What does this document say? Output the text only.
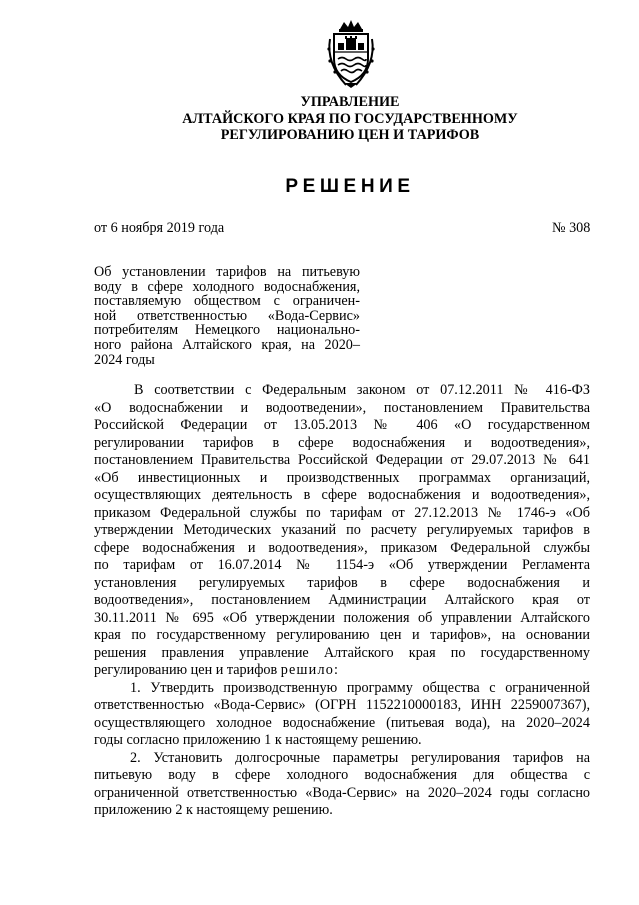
УПРАВЛЕНИЕ
АЛТАЙСКОГО КРАЯ ПО ГОСУДАРСТВЕННОМУ
РЕГУЛИРОВАНИЮ ЦЕН И ТАРИФОВ
РЕШЕНИЕ
от 6 ноября 2019 года	№ 308
Об установлении тарифов на питьевую
воду в сфере холодного водоснабжения,
поставляемую обществом с ограничен-
ной ответственностью «Вода-Сервис»
потребителям Немецкого национально-
ного района Алтайского края, на 2020–
2024 годы
В соответствии с Федеральным законом от 07.12.2011 № 416-ФЗ
«О водоснабжении и водоотведении», постановлением Правительства
Российской Федерации от 13.05.2013 № 406 «О государственном
регулировании тарифов в сфере водоснабжения и водоотведения»,
постановлением Правительства Российской Федерации от 29.07.2013 № 641
«Об инвестиционных и производственных программах организаций,
осуществляющих деятельность в сфере водоснабжения и водоотведения»,
приказом Федеральной службы по тарифам от 27.12.2013 № 1746-э «Об
утверждении Методических указаний по расчету регулируемых тарифов в
сфере водоснабжения и водоотведения», приказом Федеральной службы
по тарифам от 16.07.2014 № 1154-э «Об утверждении Регламента
установления регулируемых тарифов в сфере водоснабжения и
водоотведения», постановлением Администрации Алтайского края от
30.11.2011 № 695 «Об утверждении положения об управлении Алтайского
края по государственному регулированию цен и тарифов», на основании
решения правления управление Алтайского края по государственному
регулированию цен и тарифов решило:
1. Утвердить производственную программу общества с ограниченной
ответственностью «Вода-Сервис» (ОГРН 1152210000183, ИНН 2259007367),
осуществляющего холодное водоснабжение (питьевая вода), на 2020–2024
годы согласно приложению 1 к настоящему решению.
2. Установить долгосрочные параметры регулирования тарифов на
питьевую воду в сфере холодного водоснабжения для общества с
ограниченной ответственностью «Вода-Сервис» на 2020–2024 годы согласно
приложению 2 к настоящему решению.
